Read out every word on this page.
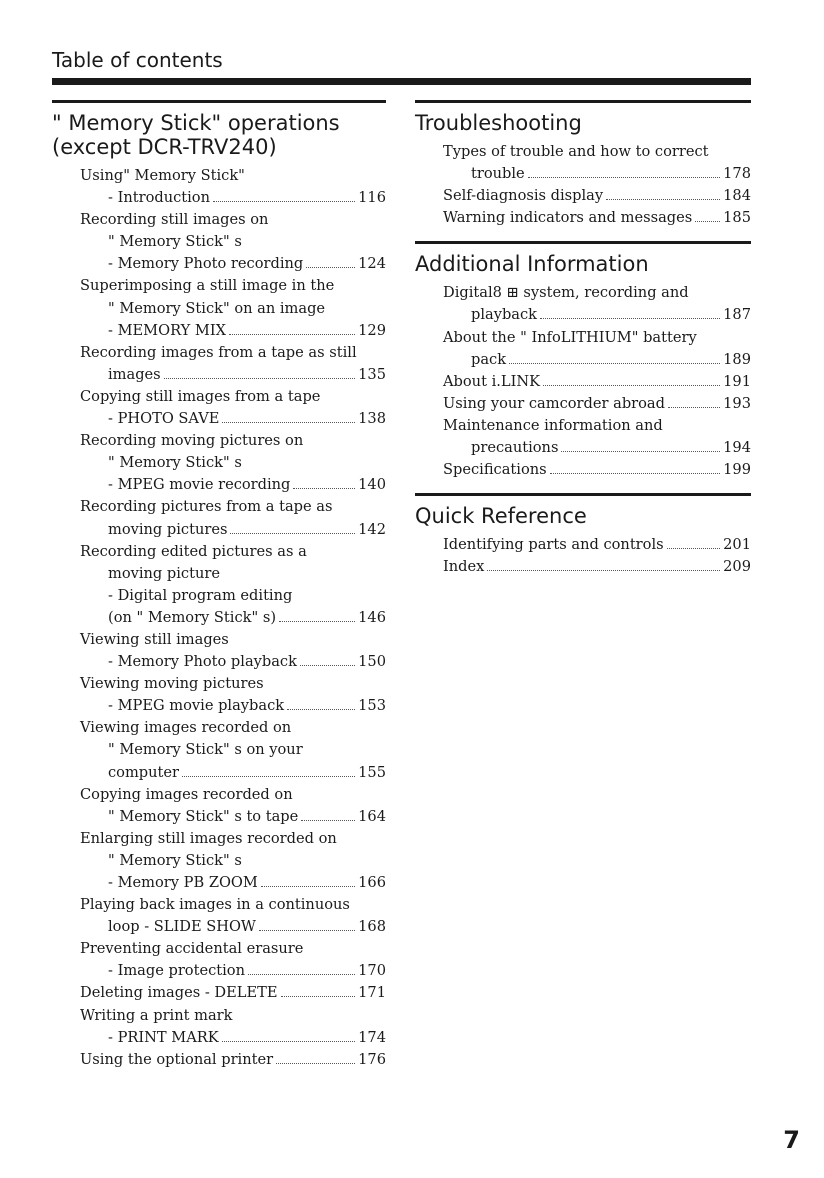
Table of contents
" Memory Stick" operations
(except DCR-TRV240)
Using" Memory Stick"
- Introduction	116
Recording still images on
" Memory Stick" s
- Memory Photo recording	124
Superimposing a still image in the
" Memory Stick" on an image
- MEMORY MIX	129
Recording images from a tape as still
images	135
Copying still images from a tape
- PHOTO SAVE	138
Recording moving pictures on
" Memory Stick" s
- MPEG movie recording	140
Recording pictures from a tape as
moving pictures	142
Recording edited pictures as a
moving picture
- Digital program editing
(on " Memory Stick" s)	146
Viewing still images
- Memory Photo playback	150
Viewing moving pictures
- MPEG movie playback	153
Viewing images recorded on
" Memory Stick" s on your
computer	155
Copying images recorded on
" Memory Stick" s to tape	164
Enlarging still images recorded on
" Memory Stick" s
- Memory PB ZOOM	166
Playing back images in a continuous
loop - SLIDE SHOW	168
Preventing accidental erasure
- Image protection	170
Deleting images - DELETE	171
Writing a print mark
- PRINT MARK	174
Using the optional printer	176
Troubleshooting
Types of trouble and how to correct
trouble	178
Self-diagnosis display	184
Warning indicators and messages 185
Additional Information
Digital8 ⊞ system, recording and
playback	187
About the " InfoLITHIUM" battery
pack	189
About i.LINK	191
Using your camcorder abroad	193
Maintenance information and
precautions	194
Specifications	199
Quick Reference
Identifying parts and controls	201
Index	209
7
